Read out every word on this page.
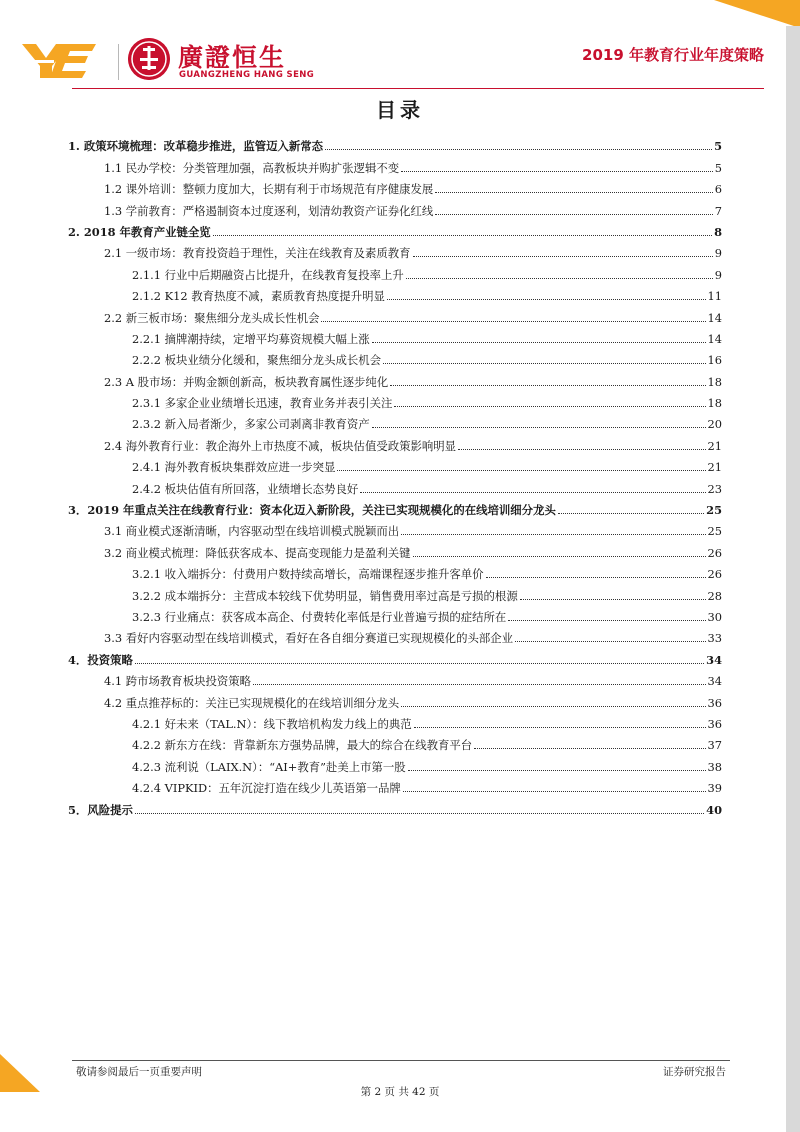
廣證恒生
GUANGZHENG HANG SENG
2019 年教育行业年度策略
目录
1. 政策环境梳理：改革稳步推进，监管迈入新常态	5
1.1 民办学校：分类管理加强，高教板块并购扩张逻辑不变	5
1.2 课外培训：整顿力度加大，长期有利于市场规范有序健康发展	6
1.3 学前教育：严格遏制资本过度逐利，划清幼教资产证券化红线	7
2. 2018 年教育产业链全览	8
2.1 一级市场：教育投资趋于理性，关注在线教育及素质教育	9
2.1.1 行业中后期融资占比提升，在线教育复投率上升	9
2.1.2 K12 教育热度不减，素质教育热度提升明显	11
2.2 新三板市场：聚焦细分龙头成长性机会	14
2.2.1 摘牌潮持续，定增平均募资规模大幅上涨	14
2.2.2 板块业绩分化缓和，聚焦细分龙头成长机会	16
2.3 A 股市场：并购金额创新高，板块教育属性逐步纯化	18
2.3.1 多家企业业绩增长迅速，教育业务并表引关注	18
2.3.2 新入局者渐少，多家公司剥离非教育资产	20
2.4 海外教育行业：教企海外上市热度不减，板块估值受政策影响明显	21
2.4.1 海外教育板块集群效应进一步突显	21
2.4.2 板块估值有所回落，业绩增长态势良好	23
3．2019 年重点关注在线教育行业：资本化迈入新阶段，关注已实现规模化的在线培训细分龙头	25
3.1 商业模式逐渐清晰，内容驱动型在线培训模式脱颖而出	25
3.2 商业模式梳理：降低获客成本、提高变现能力是盈利关键	26
3.2.1 收入端拆分：付费用户数持续高增长，高端课程逐步推升客单价	26
3.2.2 成本端拆分：主营成本较线下优势明显，销售费用率过高是亏损的根源	28
3.2.3 行业痛点：获客成本高企、付费转化率低是行业普遍亏损的症结所在	30
3.3 看好内容驱动型在线培训模式，看好在各自细分赛道已实现规模化的头部企业	33
4．投资策略	34
4.1 跨市场教育板块投资策略	34
4.2 重点推荐标的：关注已实现规模化的在线培训细分龙头	36
4.2.1 好未来（TAL.N）：线下教培机构发力线上的典范	36
4.2.2 新东方在线：背靠新东方强势品牌，最大的综合在线教育平台	37
4.2.3 流利说（LAIX.N）：“AI+教育”赴美上市第一股	38
4.2.4 VIPKID：五年沉淀打造在线少儿英语第一品牌	39
5．风险提示	40
敬请参阅最后一页重要声明	证券研究报告
第 2 页 共 42 页
